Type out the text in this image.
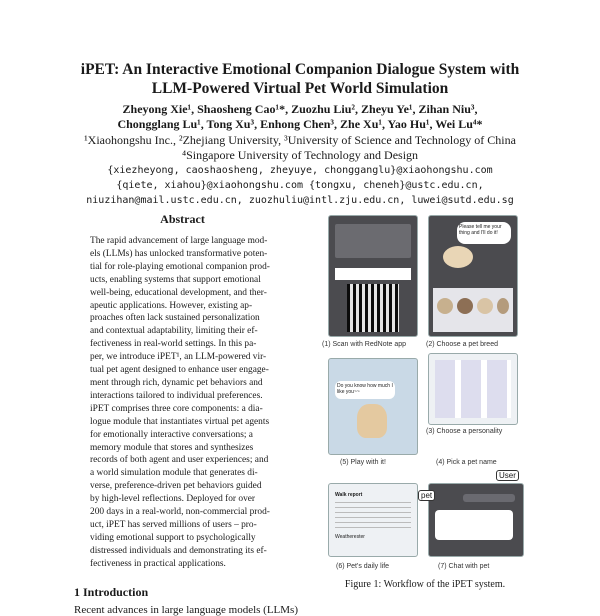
iPET: An Interactive Emotional Companion Dialogue System with
LLM-Powered Virtual Pet World Simulation
Zheyong Xie¹, Shaosheng Cao¹*, Zuozhu Liu², Zheyu Ye¹, Zihan Niu³,
Chongglang Lu¹, Tong Xu³, Enhong Chen³, Zhe Xu¹, Yao Hu¹, Wei Lu⁴*
¹Xiaohongshu Inc., ²Zhejiang University, ³University of Science and Technology of China
⁴Singapore University of Technology and Design
{xiezheyong, caoshaosheng, zheyuye, chongganglu}@xiaohongshu.com
{qiete, xiahou}@xiaohongshu.com {tongxu, cheneh}@ustc.edu.cn,
niuzihan@mail.ustc.edu.cn, zuozhuliu@intl.zju.edu.cn, luwei@sutd.edu.sg
Abstract
The rapid advancement of large language mod-
els (LLMs) has unlocked transformative poten-
tial for role-playing emotional companion prod-
ucts, enabling systems that support emotional
well-being, educational development, and ther-
apeutic applications. However, existing ap-
proaches often lack sustained personalization
and contextual adaptability, limiting their ef-
fectiveness in real-world settings. In this pa-
per, we introduce iPET¹, an LLM-powered vir-
tual pet agent designed to enhance user engage-
ment through rich, dynamic pet behaviors and
interactions tailored to individual preferences.
iPET comprises three core components: a dia-
logue module that instantiates virtual pet agents
for emotionally interactive conversations; a
memory module that stores and synthesizes
records of both agent and user experiences; and
a world simulation module that generates di-
verse, preference-driven pet behaviors guided
by high-level reflections. Deployed for over
200 days in a real-world, non-commercial prod-
uct, iPET has served millions of users – pro-
viding emotional support to psychologically
distressed individuals and demonstrating its ef-
fectiveness in practical applications.
1 Introduction
Recent advances in large language models (LLMs)
(1) Scan with RedNote app
Please tell me your thing and I'll do it!
(2) Choose a pet breed
Do you know how much I like you~~
(5) Play with it!
(3) Choose a personality
(4) Pick a pet name
Walk report
Weatherester
(6) Pet's daily life
User
pet
(7) Chat with pet
Figure 1: Workflow of the iPET system.
